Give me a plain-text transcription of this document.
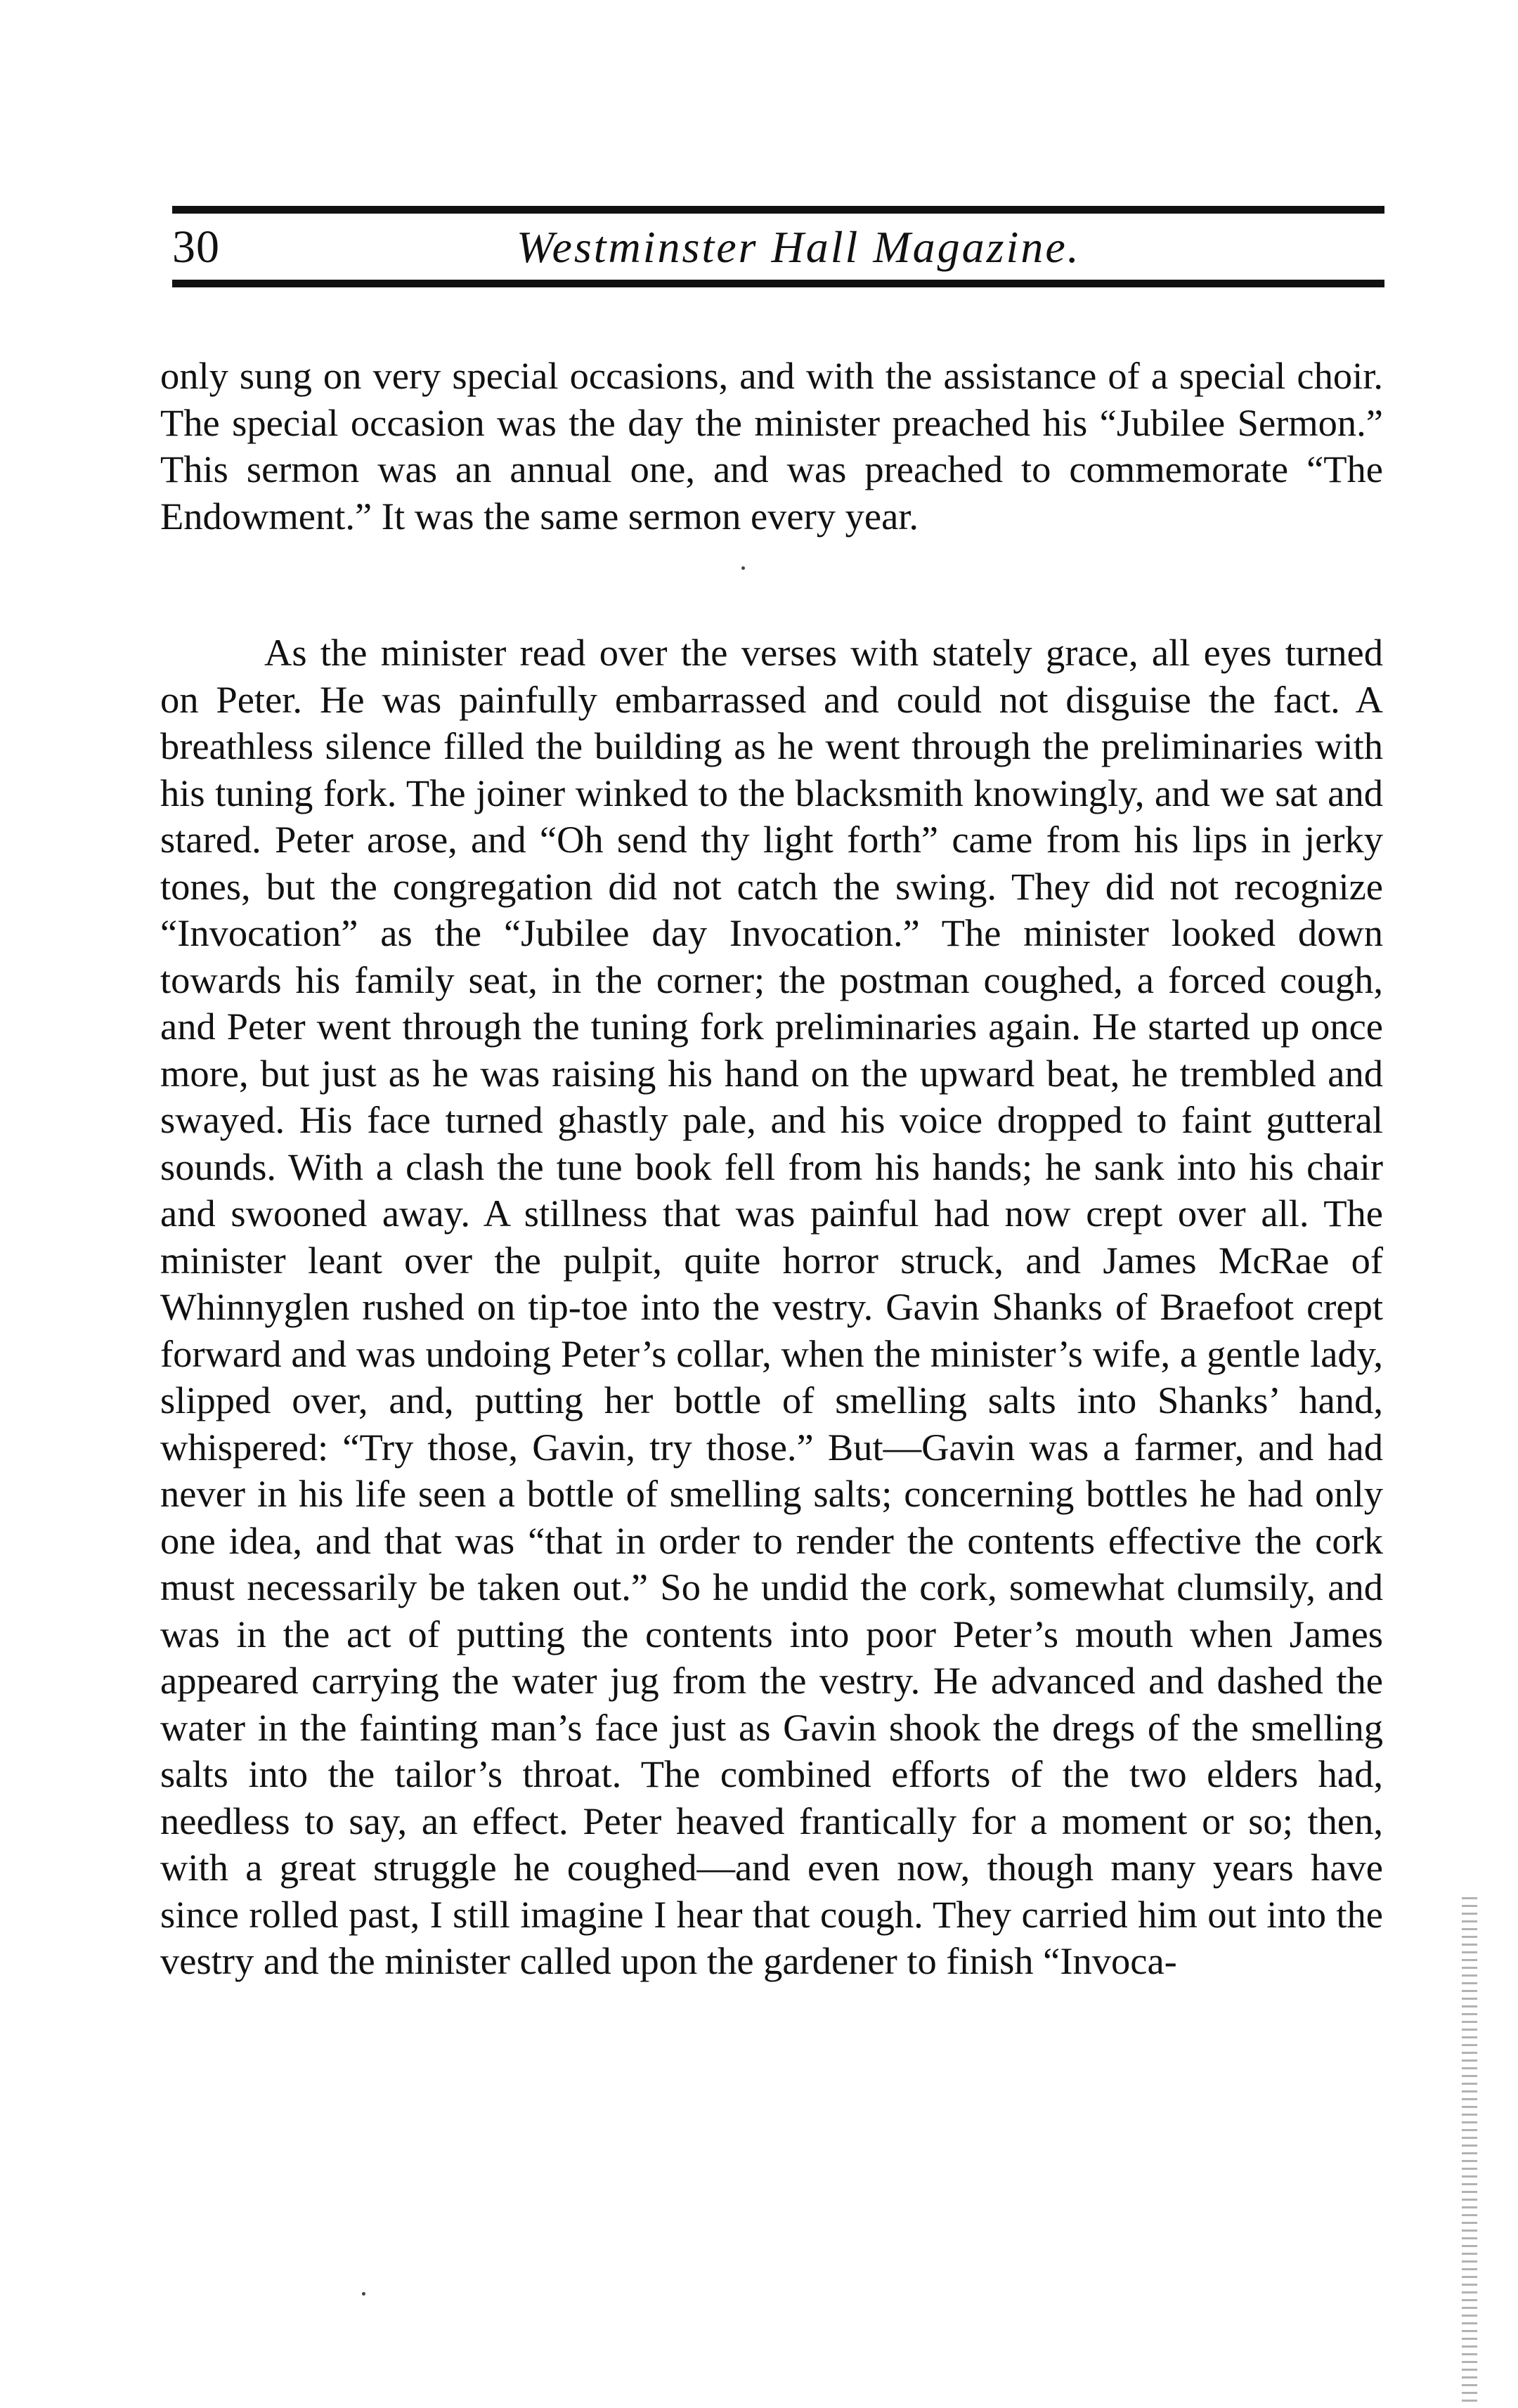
30	Westminster Hall Magazine.

only sung on very special occasions, and with the assistance of a special choir. The special occasion was the day the minister preached his “Jubilee Sermon.” This sermon was an annual one, and was preached to commemorate “The Endowment.” It was the same sermon every year.

As the minister read over the verses with stately grace, all eyes turned on Peter. He was painfully embarrassed and could not disguise the fact. A breathless silence filled the building as he went through the preliminaries with his tuning fork. The joiner winked to the blacksmith knowingly, and we sat and stared. Peter arose, and “Oh send thy light forth” came from his lips in jerky tones, but the congregation did not catch the swing. They did not recognize “Invocation” as the “Jubilee day Invocation.” The minister looked down towards his family seat, in the corner; the postman coughed, a forced cough, and Peter went through the tuning fork preliminaries again. He started up once more, but just as he was raising his hand on the upward beat, he trembled and swayed. His face turned ghastly pale, and his voice dropped to faint gutteral sounds. With a clash the tune book fell from his hands; he sank into his chair and swooned away. A stillness that was painful had now crept over all. The minister leant over the pulpit, quite horror struck, and James McRae of Whinnyglen rushed on tip-toe into the vestry. Gavin Shanks of Braefoot crept forward and was undoing Peter’s collar, when the minister’s wife, a gentle lady, slipped over, and, putting her bottle of smelling salts into Shanks’ hand, whispered: “Try those, Gavin, try those.” But—Gavin was a farmer, and had never in his life seen a bottle of smelling salts; concerning bottles he had only one idea, and that was “that in order to render the contents effective the cork must necessarily be taken out.” So he undid the cork, somewhat clumsily, and was in the act of putting the contents into poor Peter’s mouth when James appeared carrying the water jug from the vestry. He advanced and dashed the water in the fainting man’s face just as Gavin shook the dregs of the smelling salts into the tailor’s throat. The combined efforts of the two elders had, needless to say, an effect. Peter heaved frantically for a moment or so; then, with a great struggle he coughed—and even now, though many years have since rolled past, I still imagine I hear that cough. They carried him out into the vestry and the minister called upon the gardener to finish “Invoca-
